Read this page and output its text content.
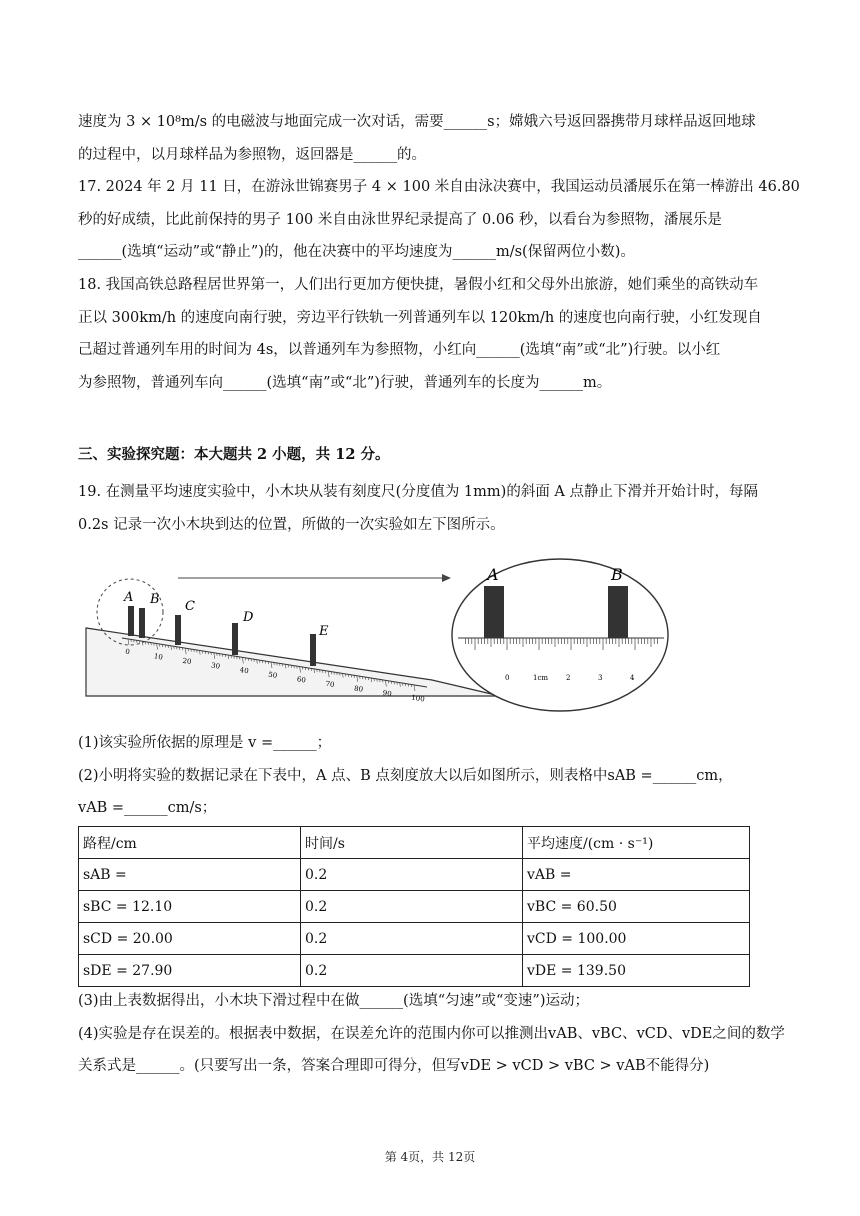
速度为 3 × 10⁸m/s 的电磁波与地面完成一次对话，需要______s；嫦娥六号返回器携带月球样品返回地球
的过程中，以月球样品为参照物，返回器是______的。

17. 2024 年 2 月 11 日，在游泳世锦赛男子 4 × 100 米自由泳决赛中，我国运动员潘展乐在第一棒游出 46.80
秒的好成绩，比此前保持的男子 100 米自由泳世界纪录提高了 0.06 秒，以看台为参照物，潘展乐是
______(选填“运动”或“静止”)的，他在决赛中的平均速度为______m/s(保留两位小数)。

18. 我国高铁总路程居世界第一，人们出行更加方便快捷，暑假小红和父母外出旅游，她们乘坐的高铁动车
正以 300km/h 的速度向南行驶，旁边平行铁轨一列普通列车以 120km/h 的速度也向南行驶，小红发现自
己超过普通列车用的时间为 4s，以普通列车为参照物，小红向______(选填“南”或“北”)行驶。以小红
为参照物，普通列车向______(选填“南”或“北”)行驶，普通列车的长度为______m。

三、实验探究题：本大题共 2 小题，共 12 分。

19. 在测量平均速度实验中，小木块从装有刻度尺(分度值为 1mm)的斜面 A 点静止下滑并开始计时，每隔
0.2s 记录一次小木块到达的位置，所做的一次实验如左下图所示。

0
10	20	30	40	50	60	70	80	90	100
A B C
D
E
A	B
0	1cm	2	3	4

(1)该实验所依据的原理是 v =______；
(2)小明将实验的数据记录在下表中，A 点、B 点刻度放大以后如图所示，则表格中sAB =______cm，
vAB =______cm/s；

路程/cm	时间/s	平均速度/(cm · s⁻¹)
sAB =	0.2	vAB =
sBC = 12.10	0.2	vBC = 60.50
sCD = 20.00	0.2	vCD = 100.00
sDE = 27.90	0.2	vDE = 139.50

(3)由上表数据得出，小木块下滑过程中在做______(选填“匀速”或“变速”)运动；
(4)实验是存在误差的。根据表中数据，在误差允许的范围内你可以推测出vAB、vBC、vCD、vDE之间的数学
关系式是______。(只要写出一条，答案合理即可得分，但写vDE > vCD > vBC > vAB不能得分)

第 4页，共 12页
